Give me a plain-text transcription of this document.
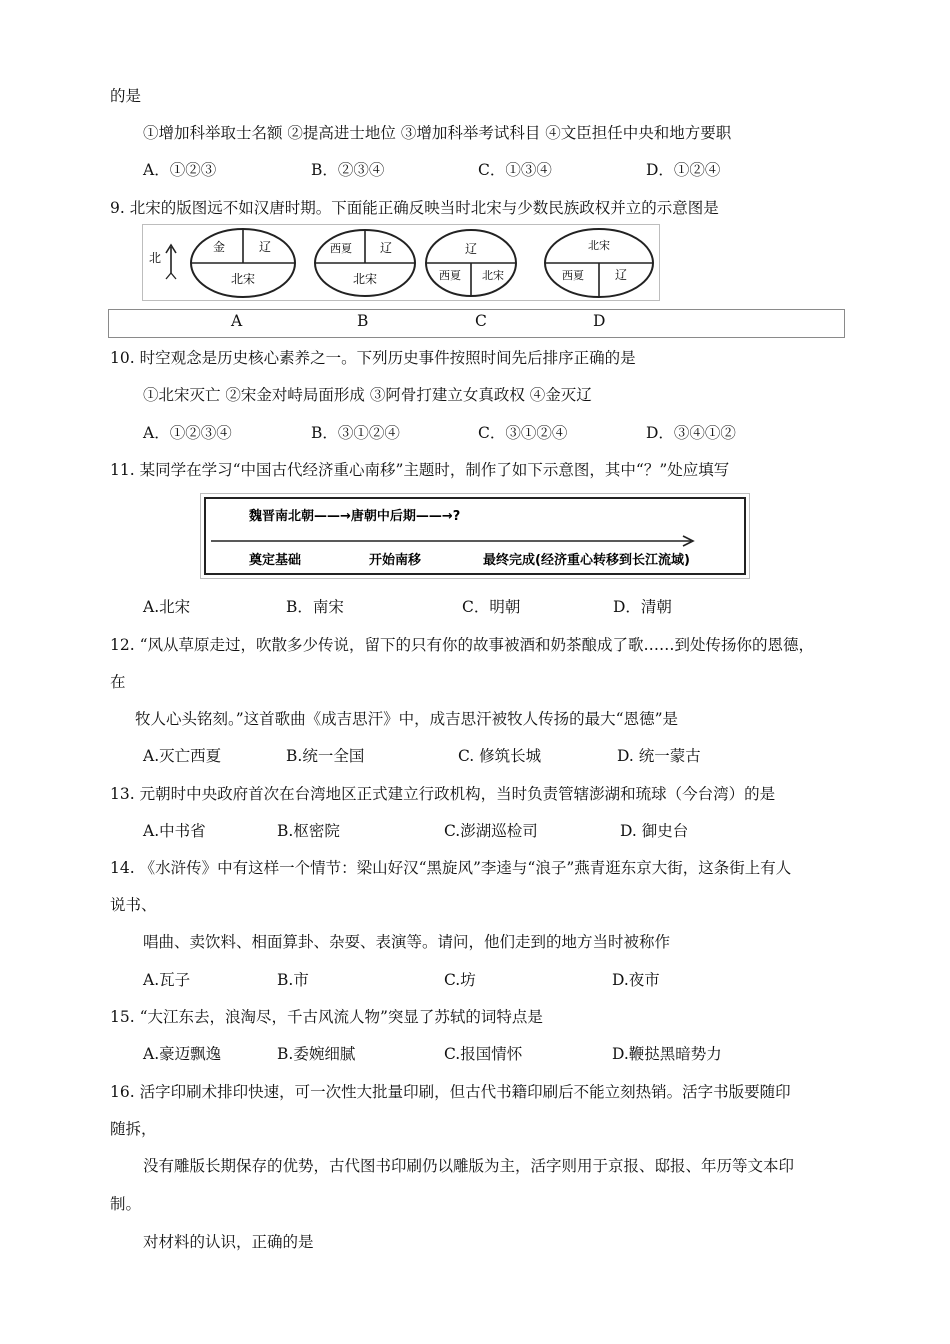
的是
①增加科举取士名额 ②提高进士地位 ③增加科举考试科目 ④文臣担任中央和地方要职
A．①②③	B．②③④	C．①③④	D．①②④
9. 北宋的版图远不如汉唐时期。下面能正确反映当时北宋与少数民族政权并立的示意图是
北
金	辽
北宋
西夏 辽
北宋
辽
西夏 北宋
北宋
西夏	辽
A	B	C	D
10. 时空观念是历史核心素养之一。下列历史事件按照时间先后排序正确的是
①北宋灭亡 ②宋金对峙局面形成 ③阿骨打建立女真政权 ④金灭辽
A．①②③④	B．③①②④	C．③①②④	D．③④①②
11. 某同学在学习“中国古代经济重心南移”主题时，制作了如下示意图，其中“？”处应填写
魏晋南北朝——→唐朝中后期——→?
奠定基础	开始南移	最终完成(经济重心转移到长江流域)
A.北宋	B．南宋	C．明朝	D．清朝
12. “风从草原走过，吹散多少传说，留下的只有你的故事被酒和奶茶酿成了歌……到处传扬你的恩德，
在
牧人心头铭刻。”这首歌曲《成吉思汗》中，成吉思汗被牧人传扬的最大“恩德”是
A.灭亡西夏	B.统一全国	C. 修筑长城	D. 统一蒙古
13. 元朝时中央政府首次在台湾地区正式建立行政机构，当时负责管辖澎湖和琉球（今台湾）的是
A.中书省	B.枢密院	C.澎湖巡检司	D. 御史台
14. 《水浒传》中有这样一个情节：梁山好汉“黑旋风”李逵与“浪子”燕青逛东京大街，这条街上有人
说书、
唱曲、卖饮料、相面算卦、杂耍、表演等。请问，他们走到的地方当时被称作
A.瓦子	B.市	C.坊	D.夜市
15. “大江东去，浪淘尽，千古风流人物”突显了苏轼的词特点是
A.豪迈飘逸	B.委婉细腻	C.报国情怀	D.鞭挞黑暗势力
16. 活字印刷术排印快速，可一次性大批量印刷，但古代书籍印刷后不能立刻热销。活字书版要随印
随拆，
没有雕版长期保存的优势，古代图书印刷仍以雕版为主，活字则用于京报、邸报、年历等文本印
制。
对材料的认识，正确的是
